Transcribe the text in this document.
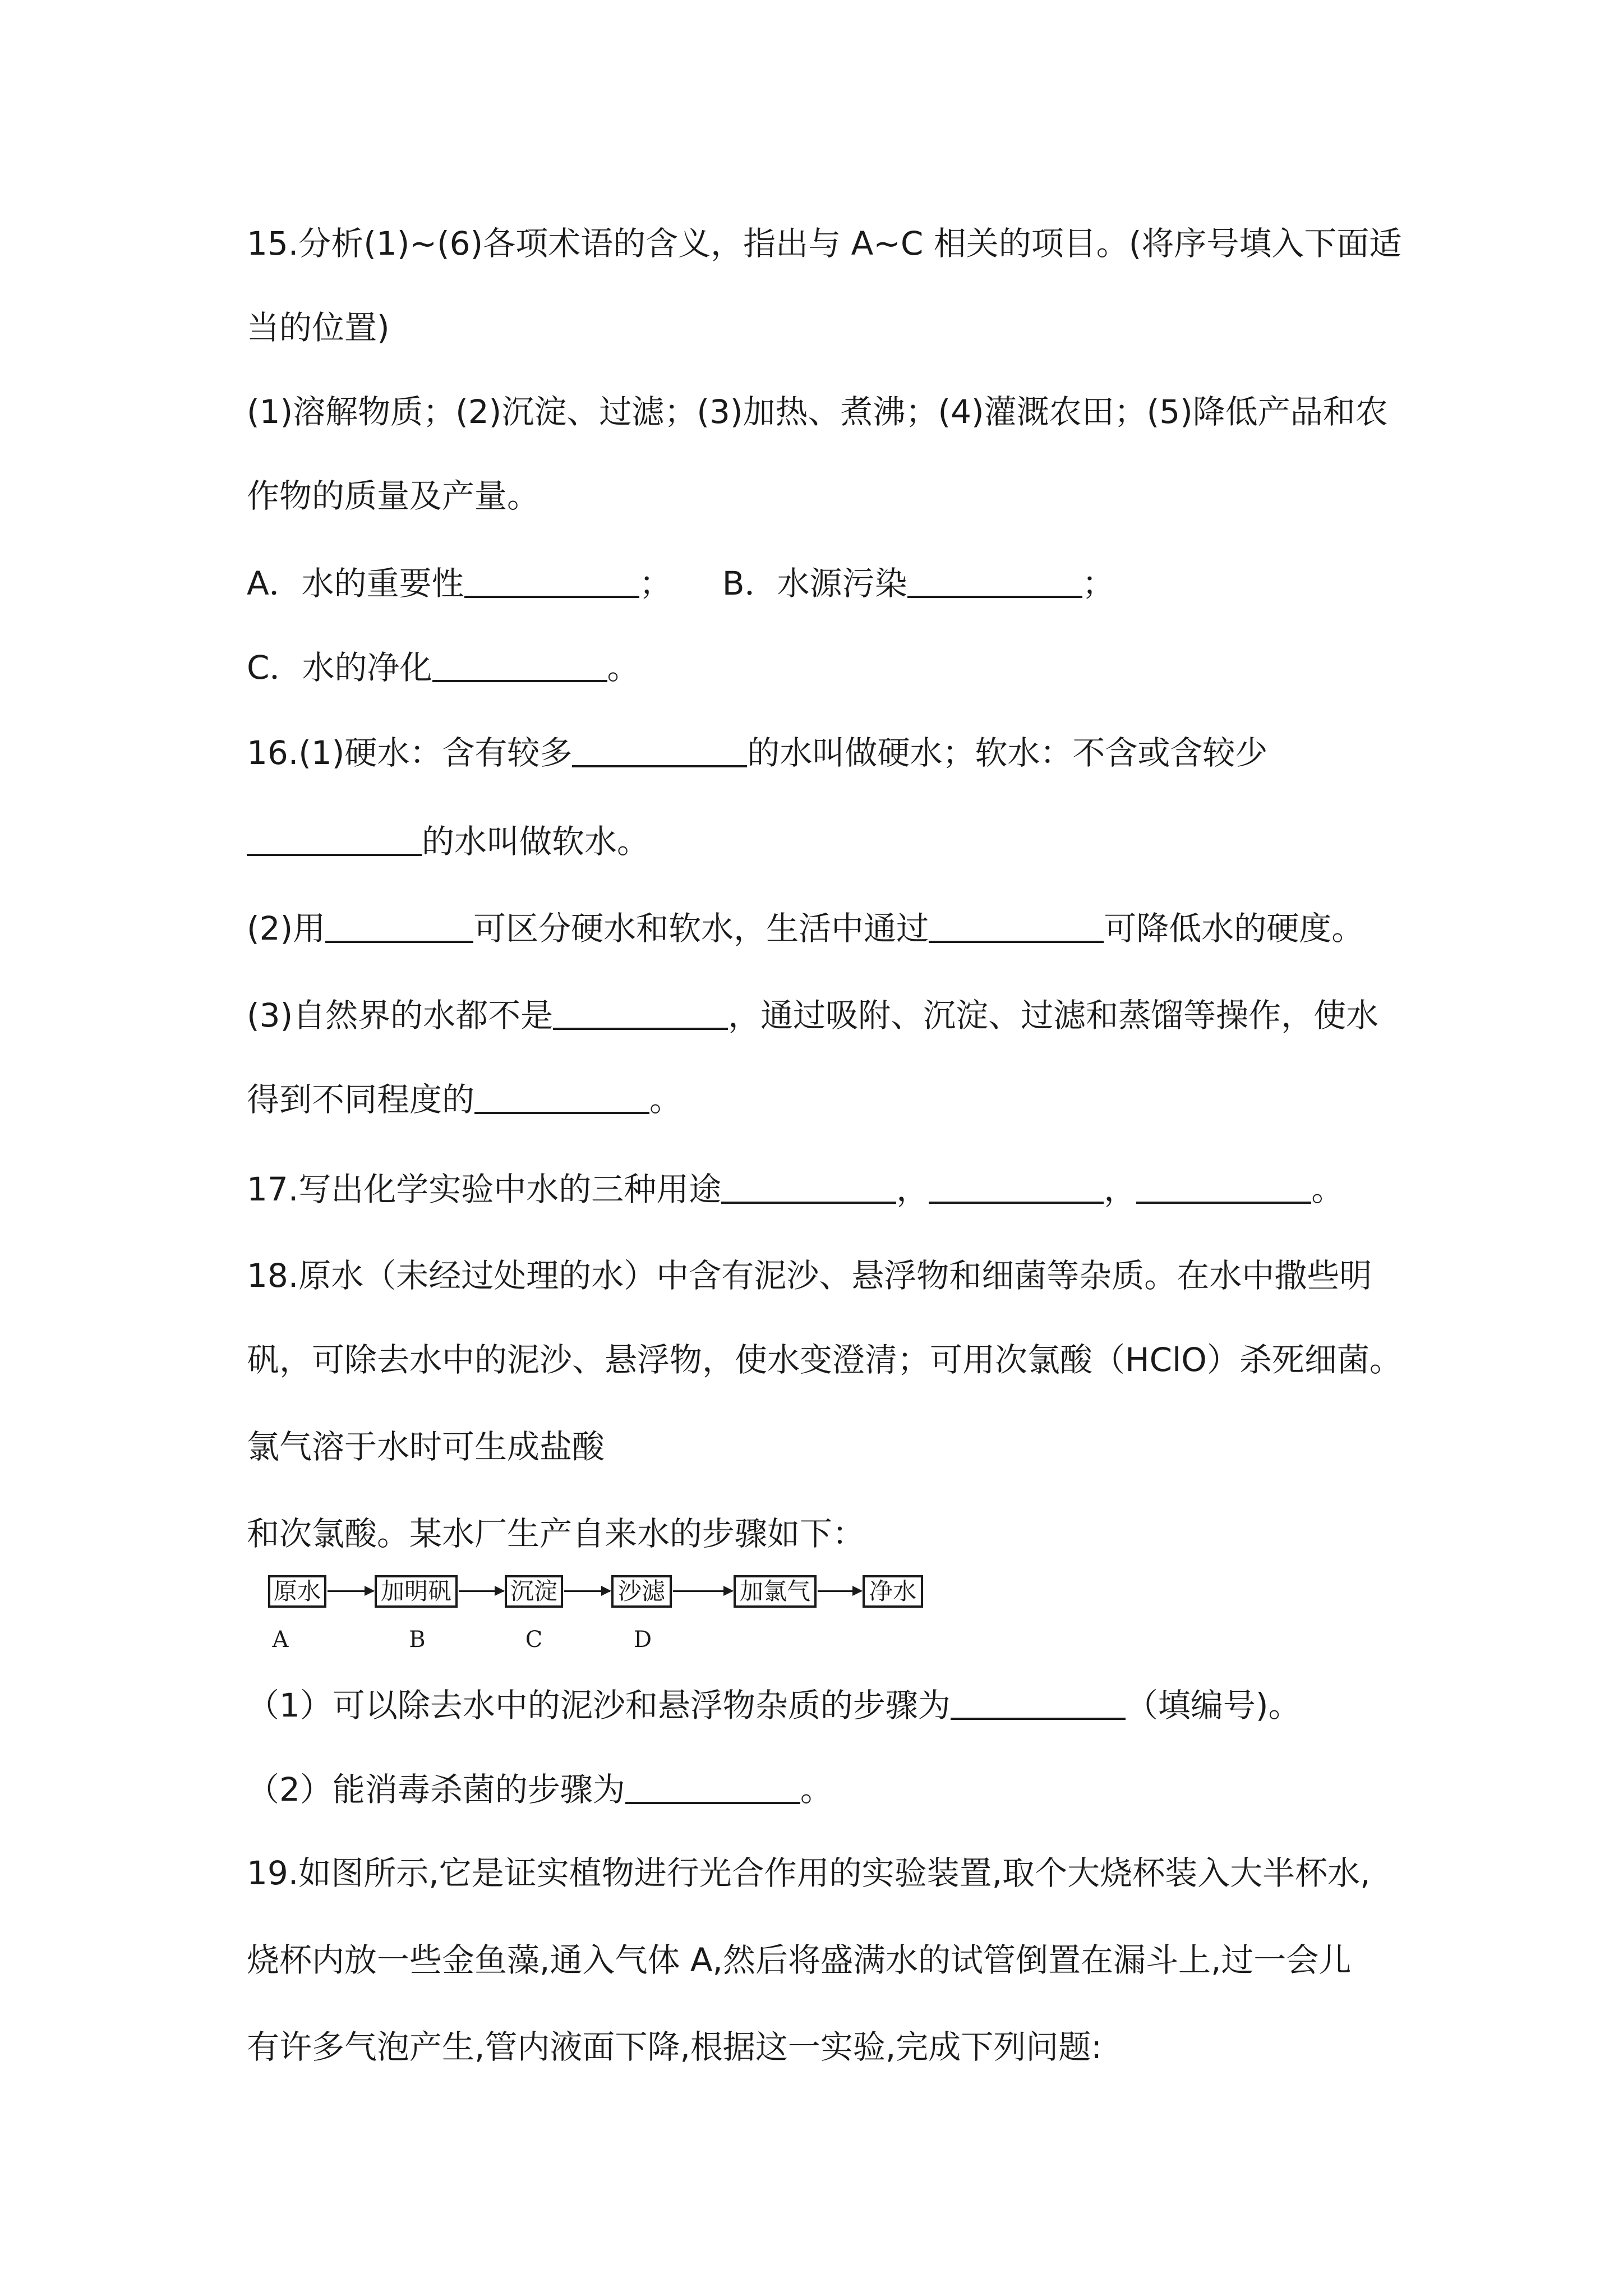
15.分析(1)~(6)各项术语的含义，指出与 A~C 相关的项目。(将序号填入下面适
当的位置)
(1)溶解物质；(2)沉淀、过滤；(3)加热、煮沸；(4)灌溉农田；(5)降低产品和农
作物的质量及产量。
A．水的重要性	； B．水源污染	；
C．水的净化	。
16.(1)硬水：含有较多	的水叫做硬水；软水：不含或含较少
的水叫做软水。
(2)用	可区分硬水和软水，生活中通过	可降低水的硬度。
(3)自然界的水都不是	，通过吸附、沉淀、过滤和蒸馏等操作，使水
得到不同程度的	。
17.写出化学实验中水的三种用途	，	，	。
18.原水（未经过处理的水）中含有泥沙、悬浮物和细菌等杂质。在水中撒些明
矾，可除去水中的泥沙、悬浮物，使水变澄清；可用次氯酸（HClO）杀死细菌。
氯气溶于水时可生成盐酸
和次氯酸。某水厂生产自来水的步骤如下：
原水	加明矾 沉淀	沙滤	加氯气 净水
A	B	C	D
（1）可以除去水中的泥沙和悬浮物杂质的步骤为	（填编号)。
（2）能消毒杀菌的步骤为	。
19.如图所示,它是证实植物进行光合作用的实验装置,取个大烧杯装入大半杯水,
烧杯内放一些金鱼藻,通入气体 A,然后将盛满水的试管倒置在漏斗上,过一会儿
有许多气泡产生,管内液面下降,根据这一实验,完成下列问题:
